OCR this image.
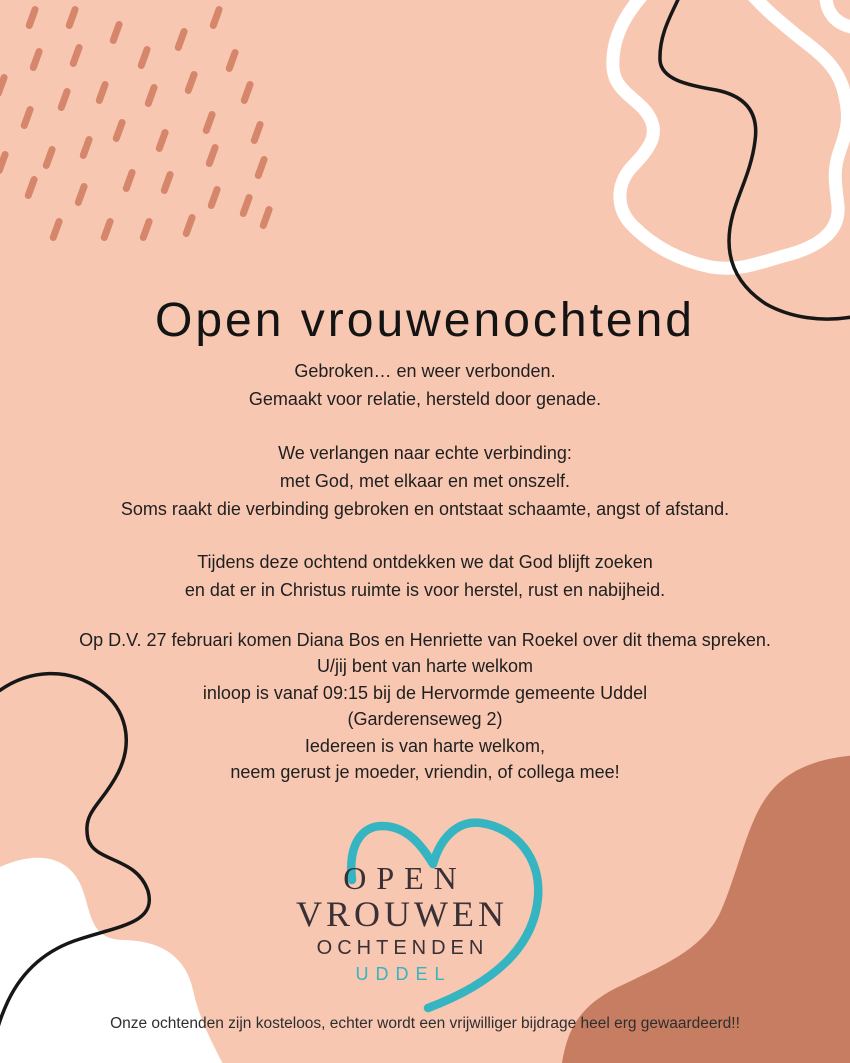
Open vrouwenochtend
Gebroken… en weer verbonden.
Gemaakt voor relatie, hersteld door genade.
We verlangen naar echte verbinding:
met God, met elkaar en met onszelf.
Soms raakt die verbinding gebroken en ontstaat schaamte, angst of afstand.
Tijdens deze ochtend ontdekken we dat God blijft zoeken
en dat er in Christus ruimte is voor herstel, rust en nabijheid.
Op D.V. 27 februari komen Diana Bos en Henriette van Roekel over dit thema spreken.
U/jij bent van harte welkom
inloop is vanaf 09:15 bij de Hervormde gemeente Uddel
(Garderenseweg 2)
Iedereen is van harte welkom,
neem gerust je moeder, vriendin, of collega mee!
OPEN
VROUWEN
OCHTENDEN
UDDEL
Onze ochtenden zijn kosteloos, echter wordt een vrijwilliger bijdrage heel erg gewaardeerd!!
